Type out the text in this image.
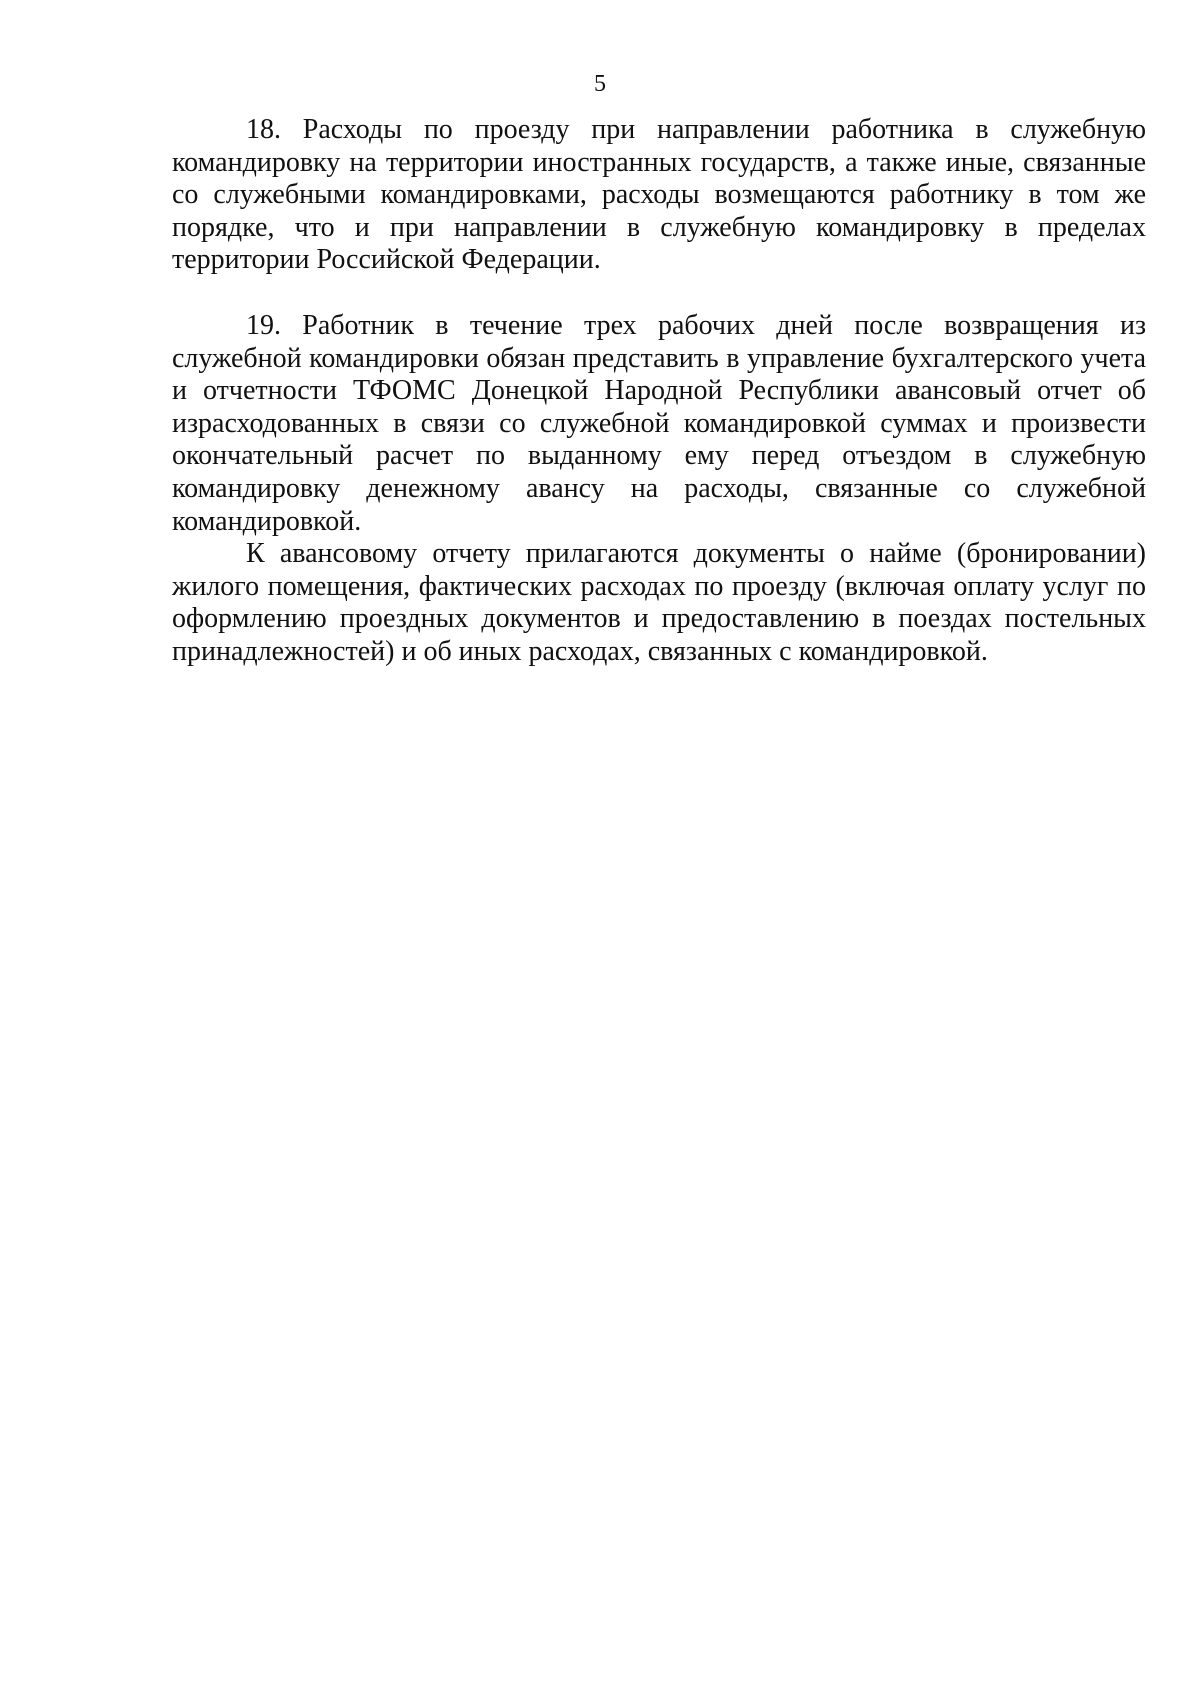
5

18. Расходы по проезду при направлении работника в служебную командировку на территории иностранных государств, а также иные, связанные со служебными командировками, расходы возмещаются работнику в том же порядке, что и при направлении в служебную командировку в пределах территории Российской Федерации.

19. Работник в течение трех рабочих дней после возвращения из служебной командировки обязан представить в управление бухгалтерского учета и отчетности ТФОМС Донецкой Народной Республики авансовый отчет об израсходованных в связи со служебной командировкой суммах и произвести окончательный расчет по выданному ему перед отъездом в служебную командировку денежному авансу на расходы, связанные со служебной командировкой.

К авансовому отчету прилагаются документы о найме (бронировании) жилого помещения, фактических расходах по проезду (включая оплату услуг по оформлению проездных документов и предоставлению в поездах постельных принадлежностей) и об иных расходах, связанных с командировкой.
